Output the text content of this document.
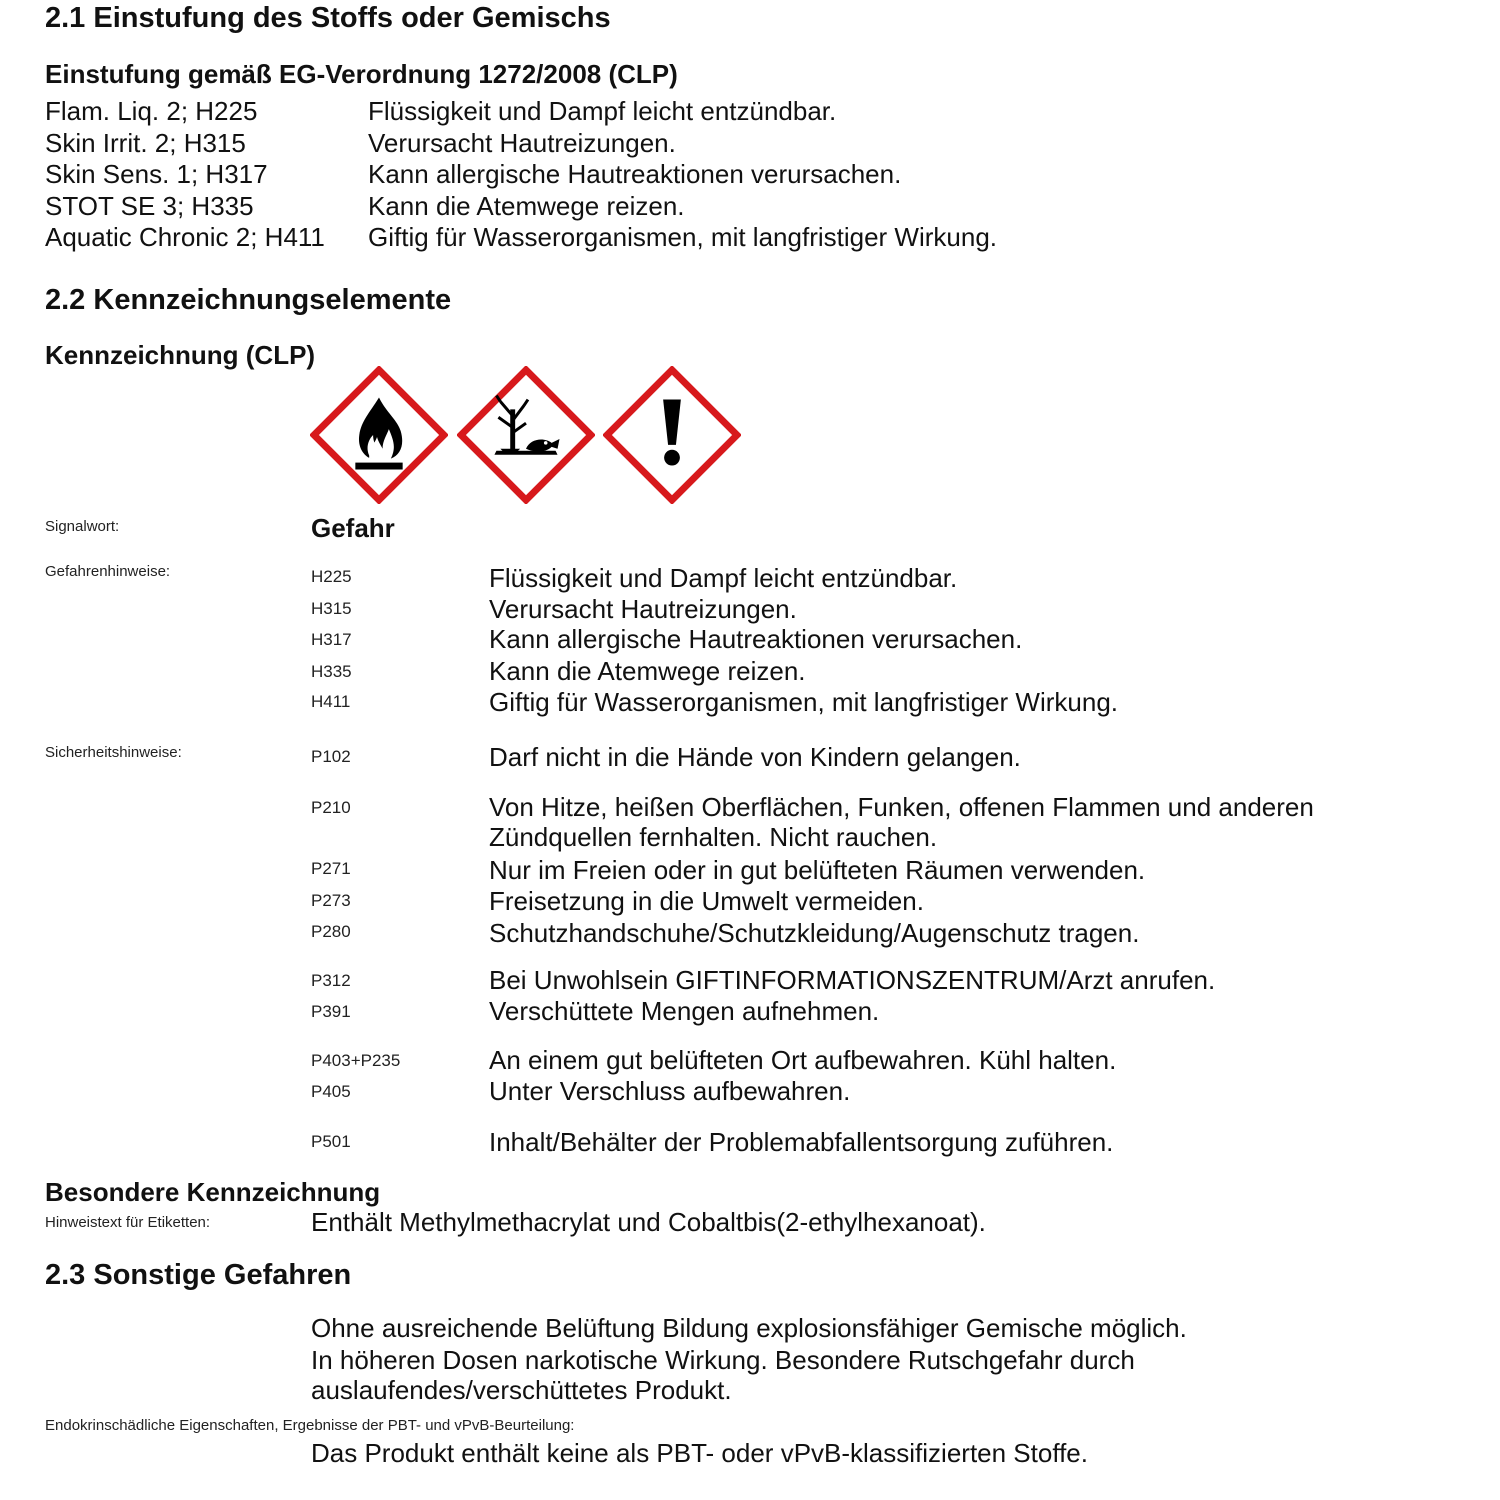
2.1 Einstufung des Stoffs oder Gemischs
Einstufung gemäß EG-Verordnung 1272/2008 (CLP)
Flam. Liq. 2; H225	Flüssigkeit und Dampf leicht entzündbar.
Skin Irrit. 2; H315	Verursacht Hautreizungen.
Skin Sens. 1; H317	Kann allergische Hautreaktionen verursachen.
STOT SE 3; H335	Kann die Atemwege reizen.
Aquatic Chronic 2; H411 Giftig für Wasserorganismen, mit langfristiger Wirkung.
2.2 Kennzeichnungselemente
Kennzeichnung (CLP)
Signalwort:	Gefahr
Gefahrenhinweise:	H225	Flüssigkeit und Dampf leicht entzündbar.
H315	Verursacht Hautreizungen.
H317	Kann allergische Hautreaktionen verursachen.
H335	Kann die Atemwege reizen.
H411	Giftig für Wasserorganismen, mit langfristiger Wirkung.
Sicherheitshinweise:	P102	Darf nicht in die Hände von Kindern gelangen.
P210	Von Hitze, heißen Oberflächen, Funken, offenen Flammen und anderen
Zündquellen fernhalten. Nicht rauchen.
P271	Nur im Freien oder in gut belüfteten Räumen verwenden.
P273	Freisetzung in die Umwelt vermeiden.
P280	Schutzhandschuhe/Schutzkleidung/Augenschutz tragen.
P312	Bei Unwohlsein GIFTINFORMATIONSZENTRUM/Arzt anrufen.
P391	Verschüttete Mengen aufnehmen.
P403+P235	An einem gut belüfteten Ort aufbewahren. Kühl halten.
P405	Unter Verschluss aufbewahren.
P501	Inhalt/Behälter der Problemabfallentsorgung zuführen.
Besondere Kennzeichnung
Hinweistext für Etiketten:	Enthält Methylmethacrylat und Cobaltbis(2-ethylhexanoat).
2.3 Sonstige Gefahren
Ohne ausreichende Belüftung Bildung explosionsfähiger Gemische möglich.
In höheren Dosen narkotische Wirkung. Besondere Rutschgefahr durch
auslaufendes/verschüttetes Produkt.
Endokrinschädliche Eigenschaften, Ergebnisse der PBT- und vPvB-Beurteilung:
Das Produkt enthält keine als PBT- oder vPvB-klassifizierten Stoffe.
